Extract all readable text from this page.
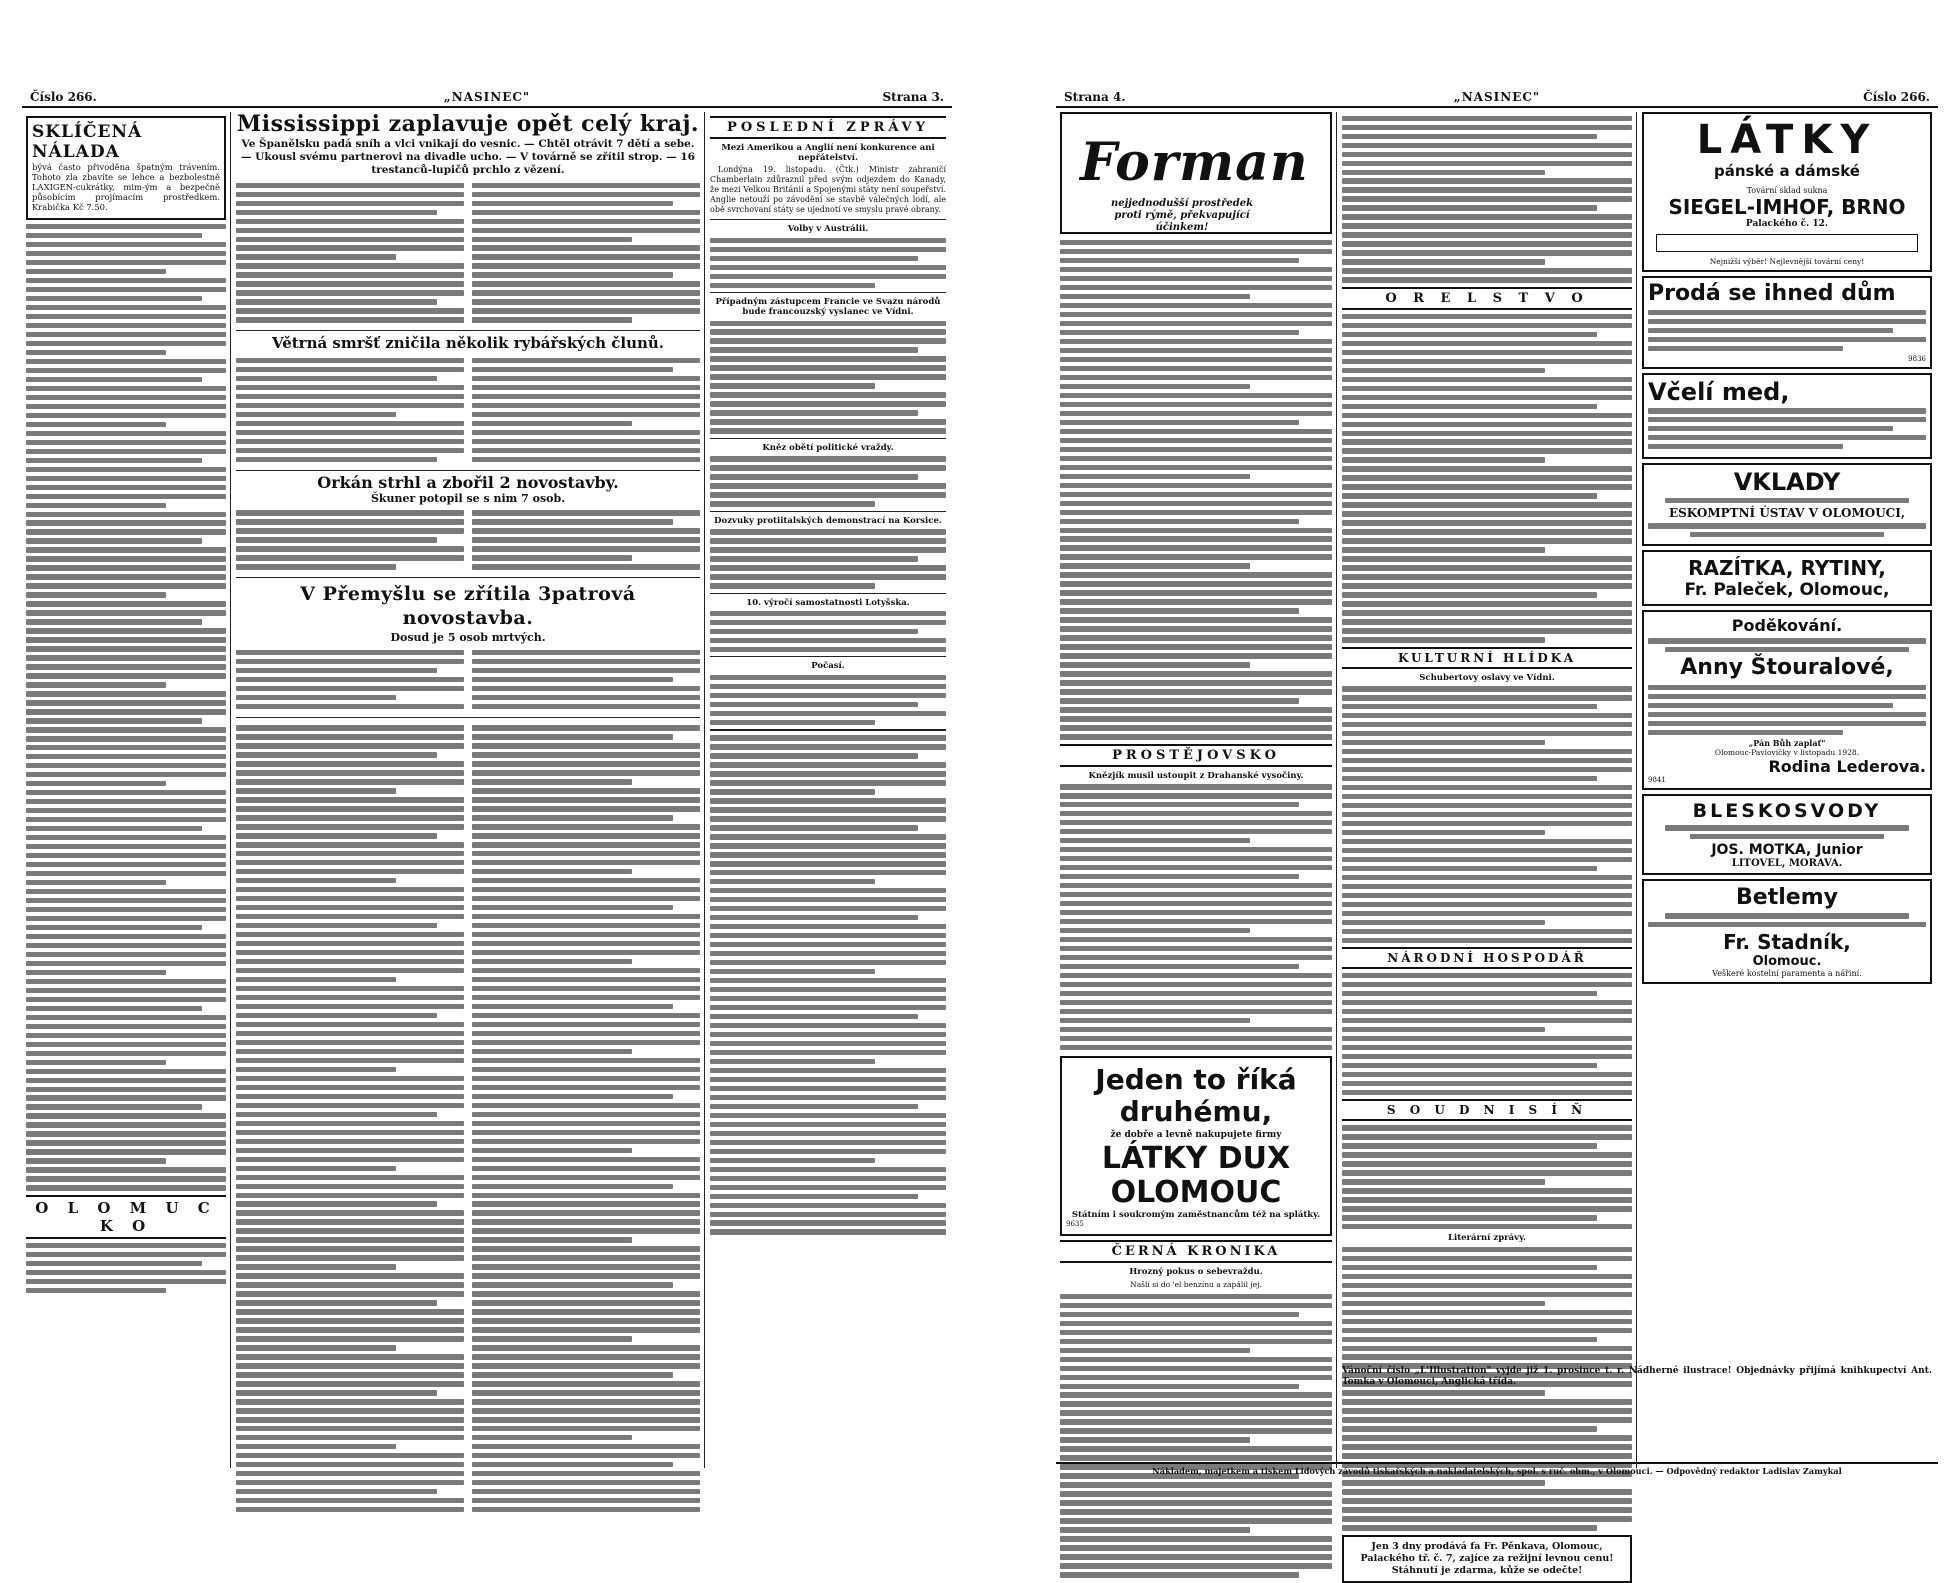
Číslo 266.	„NASINEC"	Strana 3.
SKLÍČENÁ NÁLADA
bývá často přivoděna špatným trávením. Tohoto zla zbavíte se lehce a bezbolestně LAXIGEN-cukrátky, mim-ým a bezpečně působícím projímacím prostředkem. Krabička Kč 7.50.
O L O M U C K O
Mississippi zaplavuje opět celý kraj.
Ve Španělsku padá sníh a vlci vnikají do vesnic. — Chtěl otrávit 7 dětí a sebe. — Ukousl svému partnerovi na divadle ucho. — V továrně se zřítil strop. — 16 trestanců-lupičů prchlo z vězení.
Větrná smršť zničila několik rybářských člunů.
Orkán strhl a zbořil 2 novostavby.
Škuner potopil se s nim 7 osob.
V Přemyšlu se zřítila 3patrová novostavba.
Dosud je 5 osob mrtvých.
POSLEDNÍ ZPRÁVY
Mezi Amerikou a Anglií není konkurence ani nepřátelství.
Londýna 19. listopadu. (Čtk.) Ministr zahraničí Chamberlain zdůraznil před svým odjezdem do Kanady, že mezi Velkou Británií a Spojenými státy není soupeřství. Anglie netouží po závodění se stavbě válečných lodí, ale obě svrchovaní státy se ujednotí ve smyslu pravé obrany.
Volby v Austrálii.
Případným zástupcem Francie ve Svazu národů bude francouzský vyslanec ve Vídni.
Kněz obětí politické vraždy.
Dozvuky protiitalských demonstrací na Korsice.
10. výročí samostatnosti Lotyšska.
Počasí.
Strana 4.	„NASINEC"	Číslo 266.
Forman
nejjednodušší prostředek proti rýmě, překvapující účinkem!
PROSTĚJOVSKO
Knězjík musil ustoupit z Drahanské vysočiny.
Jeden to říká druhému,
že dobře a levně nakupujete firmy
LÁTKY DUX OLOMOUC
Státním i soukromým zaměstnancům též na splátky.
9635
ČERNÁ KRONIKA
Hrozný pokus o sebevraždu.
Našli si do 'el benzínu a zapálil jej.
O R E L S T V O
KULTURNÍ HLÍDKA
Schubertovy oslavy ve Vídni.
NÁRODNÍ HOSPODÁŘ
S O U D N I S Í Ň
Literární zprávy.
Jen 3 dny prodává fa Fr. Pěnkava, Olomouc, Palackého tř. č. 7, zajíce za režijní levnou cenu! Stáhnutí je zdarma, kůže se odečte!
LÁTKY
pánské a dámské
Tovární sklad sukna
SIEGEL-IMHOF, BRNO
Palackého č. 12.
Nejnižší výběr! Nejlevnější tovární ceny!
Prodá se ihned dům
9836
Včelí med,
VKLADY
ESKOMPTNÍ ÚSTAV V OLOMOUCI,
RAZÍTKA, RYTINY,
Fr. Paleček, Olomouc,
Poděkování.
Anny Štouralové,
„Pán Bůh zaplať"
Olomouc-Pavlovičky v listopadu 1928.
Rodina Lederova.
9841
BLESKOSVODY
JOS. MOTKA, Junior
LITOVEL, MORAVA.
Betlemy
Fr. Stadník,
Olomouc.
Veškeré kostelní paramenta a nářiní.
Vánoční číslo „L'Illustration" vyjde již 1. prosince t. r. Nádherné ilustrace! Objednávky přijímá knihkupectví Ant. Tomka v Olomouci, Anglická třída.
Nákladem, majetkem a tiskem Lidových závodů tiskařských a nakladatelských, spol. s ruč. obm., v Olomouci. — Odpovědný redaktor Ladislav Zamykal
